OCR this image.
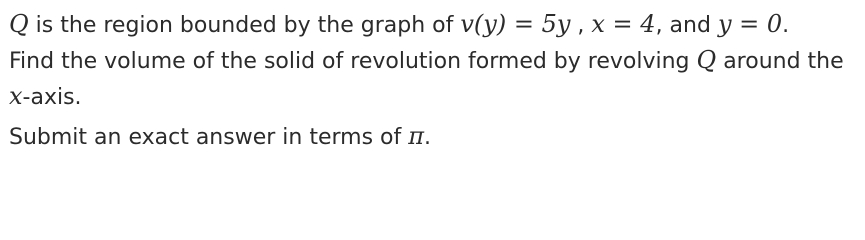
Q is the region bounded by the graph of v(y) = 5y , x = 4, and y = 0.
Find the volume of the solid of revolution formed by revolving Q around the
x-axis.
Submit an exact answer in terms of π.
